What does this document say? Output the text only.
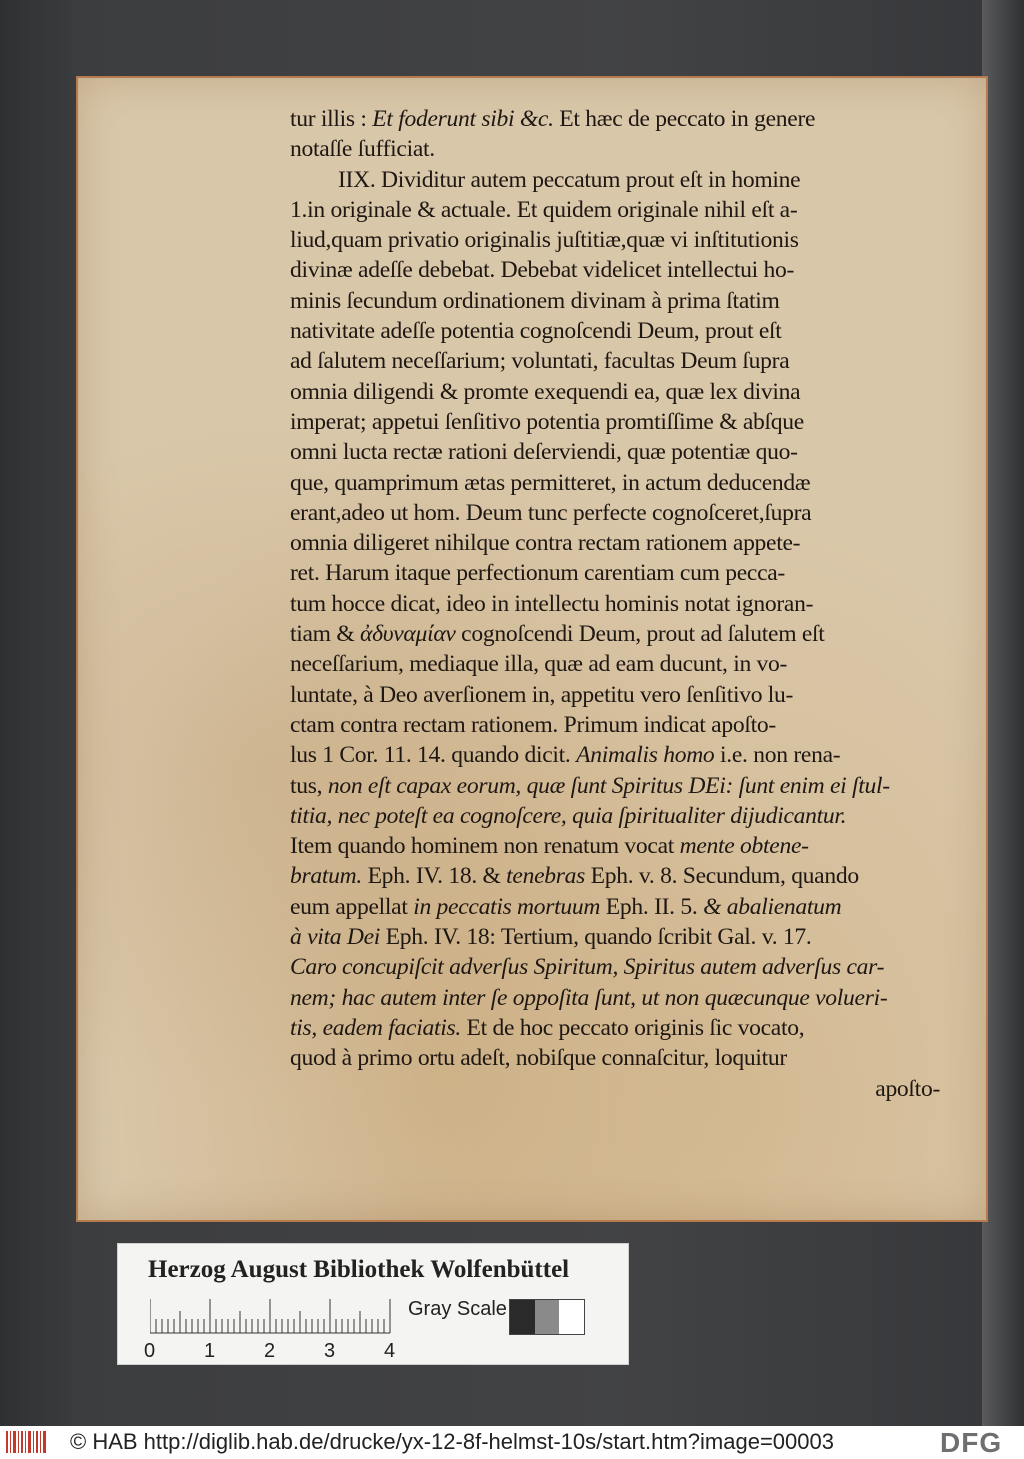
tur illis : Et foderunt sibi &c. Et hæc de peccato in genere
notaſſe ſufficiat.
IIX. Dividitur autem peccatum prout eſt in homine
1.in originale & actuale. Et quidem originale nihil eſt a-
liud,quam privatio originalis juſtitiæ,quæ vi inſtitutionis
divinæ adeſſe debebat. Debebat videlicet intellectui ho-
minis ſecundum ordinationem divinam à prima ſtatim
nativitate adeſſe potentia cognoſcendi Deum, prout eſt
ad ſalutem neceſſarium; voluntati, facultas Deum ſupra
omnia diligendi & promte exequendi ea, quæ lex divina
imperat; appetui ſenſitivo potentia promtiſſime & abſque
omni lucta rectæ rationi deſerviendi, quæ potentiæ quo-
que, quamprimum ætas permitteret, in actum deducendæ
erant,adeo ut hom. Deum tunc perfecte cognoſceret,ſupra
omnia diligeret nihilque contra rectam rationem appete-
ret. Harum itaque perfectionum carentiam cum pecca-
tum hocce dicat, ideo in intellectu hominis notat ignoran-
tiam & ἀδυναμίαν cognoſcendi Deum, prout ad ſalutem eſt
neceſſarium, mediaque illa, quæ ad eam ducunt, in vo-
luntate, à Deo averſionem in, appetitu vero ſenſitivo lu-
ctam contra rectam rationem. Primum indicat apoſto-
lus 1 Cor. 11. 14. quando dicit. Animalis homo i.e. non rena-
tus, non eſt capax eorum, quæ ſunt Spiritus DEi: ſunt enim ei ſtul-
titia, nec poteſt ea cognoſcere, quia ſpiritualiter dijudicantur.
Item quando hominem non renatum vocat mente obtene-
bratum. Eph. IV. 18. & tenebras Eph. v. 8. Secundum, quando
eum appellat in peccatis mortuum Eph. II. 5. & abalienatum
à vita Dei Eph. IV. 18: Tertium, quando ſcribit Gal. v. 17.
Caro concupiſcit adverſus Spiritum, Spiritus autem adverſus car-
nem; hac autem inter ſe oppoſita ſunt, ut non quæcunque volueri-
tis, eadem faciatis. Et de hoc peccato originis ſic vocato,
quod à primo ortu adeſt, nobiſque connaſcitur, loquitur
apoſto-
Herzog August Bibliothek Wolfenbüttel
0 1 2 3 4
Gray Scale
© HAB http://diglib.hab.de/drucke/yx-12-8f-helmst-10s/start.htm?image=00003	DFG
